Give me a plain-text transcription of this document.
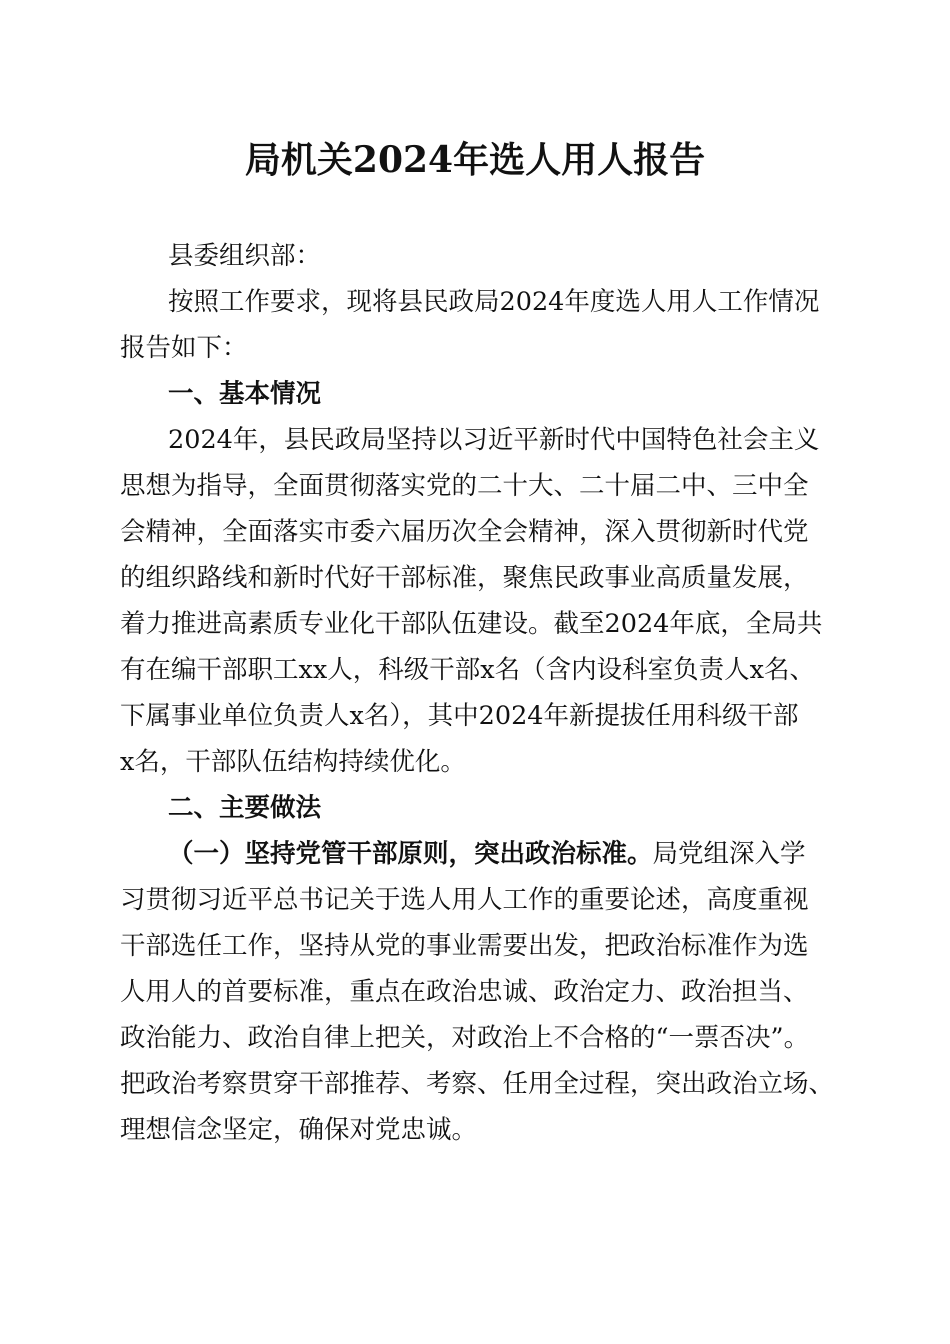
局机关2024年选人用人报告
县委组织部：
按照工作要求，现将县民政局2024年度选人用人工作情况
报告如下：
一、基本情况
2024年，县民政局坚持以习近平新时代中国特色社会主义
思想为指导，全面贯彻落实党的二十大、二十届二中、三中全
会精神，全面落实市委六届历次全会精神，深入贯彻新时代党
的组织路线和新时代好干部标准，聚焦民政事业高质量发展，
着力推进高素质专业化干部队伍建设。截至2024年底，全局共
有在编干部职工xx人，科级干部x名（含内设科室负责人x名、
下属事业单位负责人x名），其中2024年新提拔任用科级干部
x名，干部队伍结构持续优化。
二、主要做法
（一）坚持党管干部原则，突出政治标准。局党组深入学
习贯彻习近平总书记关于选人用人工作的重要论述，高度重视
干部选任工作，坚持从党的事业需要出发，把政治标准作为选
人用人的首要标准，重点在政治忠诚、政治定力、政治担当、
政治能力、政治自律上把关，对政治上不合格的“一票否决”。
把政治考察贯穿干部推荐、考察、任用全过程，突出政治立场、
理想信念坚定，确保对党忠诚。
